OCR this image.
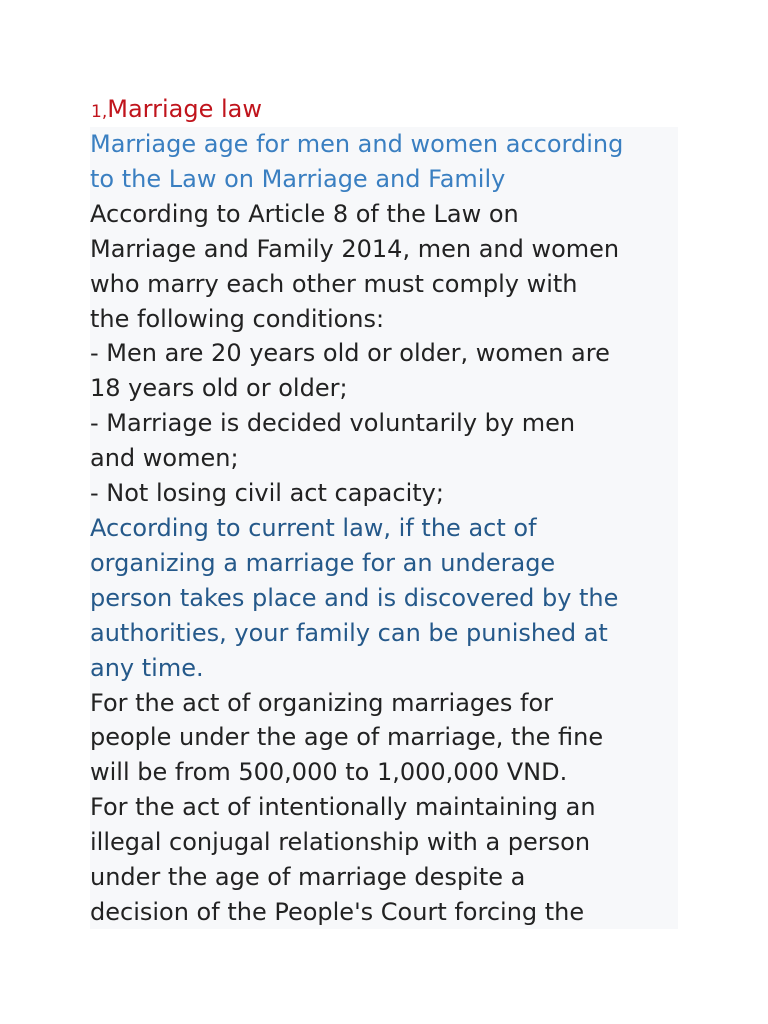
1,Marriage law

Marriage age for men and women according

to the Law on Marriage and Family

According to Article 8 of the Law on

Marriage and Family 2014, men and women

who marry each other must comply with

the following conditions:

- Men are 20 years old or older, women are

18 years old or older;

- Marriage is decided voluntarily by men

and women;

- Not losing civil act capacity;

According to current law, if the act of

organizing a marriage for an underage

person takes place and is discovered by the

authorities, your family can be punished at

any time.

For the act of organizing marriages for

people under the age of marriage, the fine

will be from 500,000 to 1,000,000 VND.

For the act of intentionally maintaining an

illegal conjugal relationship with a person

under the age of marriage despite a

decision of the People's Court forcing the
